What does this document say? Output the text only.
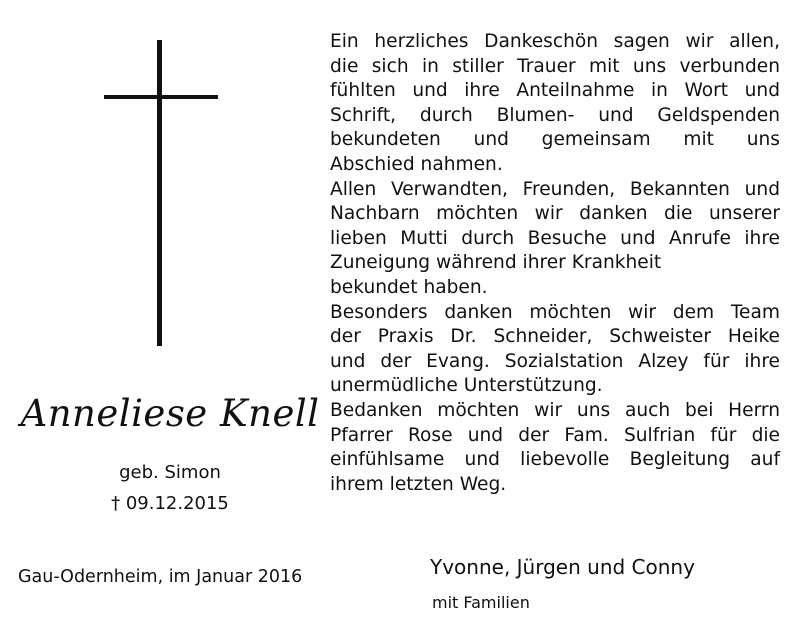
Anneliese Knell
geb. Simon
† 09.12.2015
Ein herzliches Dankeschön sagen wir allen,
die sich in stiller Trauer mit uns verbunden
fühlten und ihre Anteilnahme in Wort und
Schrift, durch Blumen- und Geldspenden
bekundeten und gemeinsam mit uns
Abschied nahmen.
Allen Verwandten, Freunden, Bekannten und
Nachbarn möchten wir danken die unserer
lieben Mutti durch Besuche und Anrufe ihre
Zuneigung während ihrer Krankheit
bekundet haben.
Besonders danken möchten wir dem Team
der Praxis Dr. Schneider, Schweister Heike
und der Evang. Sozialstation Alzey für ihre
unermüdliche Unterstützung.
Bedanken möchten wir uns auch bei Herrn
Pfarrer Rose und der Fam. Sulfrian für die
einfühlsame und liebevolle Begleitung auf
ihrem letzten Weg.
Gau-Odernheim, im Januar 2016	Yvonne, Jürgen und Conny
mit Familien
